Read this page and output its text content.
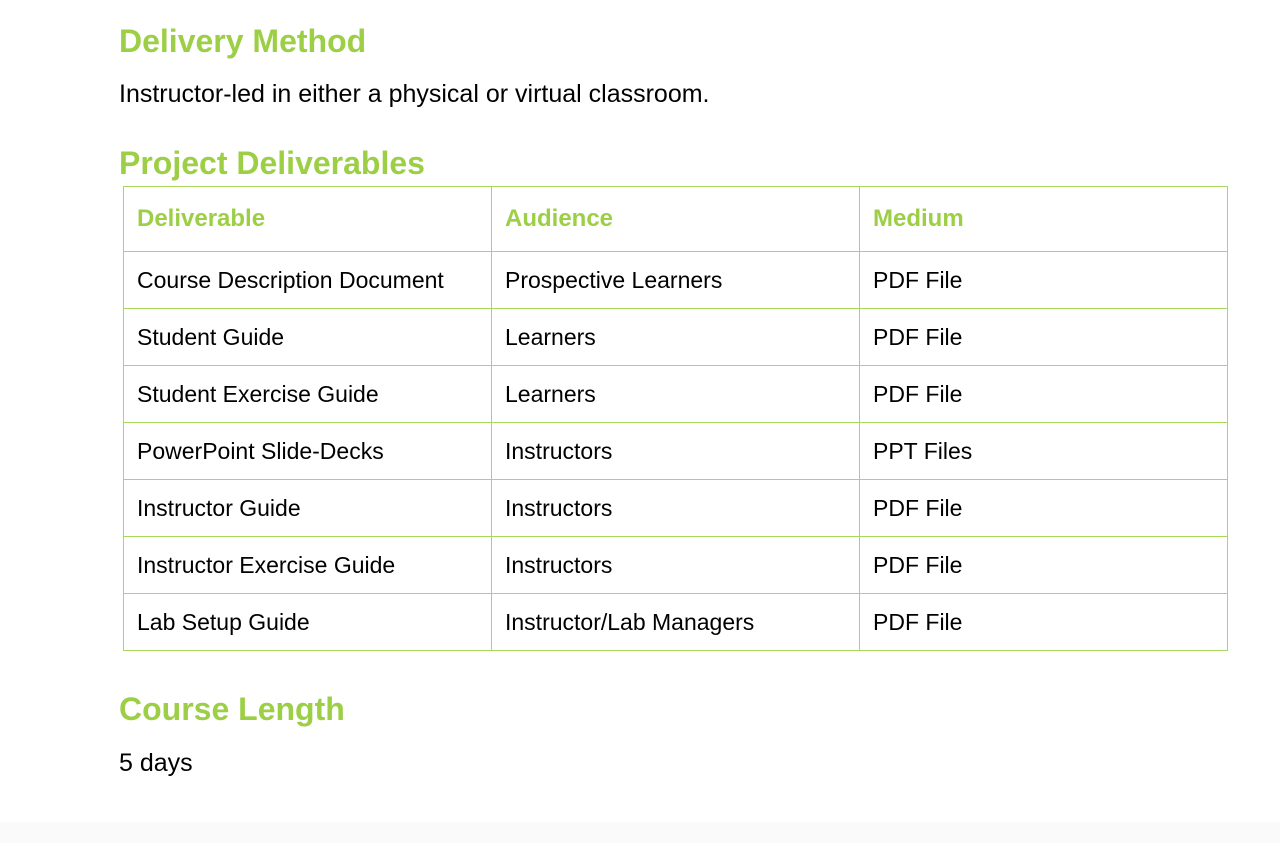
Delivery Method

Instructor-led in either a physical or virtual classroom.

Project Deliverables
Deliverable	Audience	Medium
Course Description Document	Prospective Learners	PDF File
Student Guide	Learners	PDF File
Student Exercise Guide	Learners	PDF File
PowerPoint Slide-Decks	Instructors	PPT Files
Instructor Guide	Instructors	PDF File
Instructor Exercise Guide	Instructors	PDF File
Lab Setup Guide	Instructor/Lab Managers	PDF File
Course Length

5 days
